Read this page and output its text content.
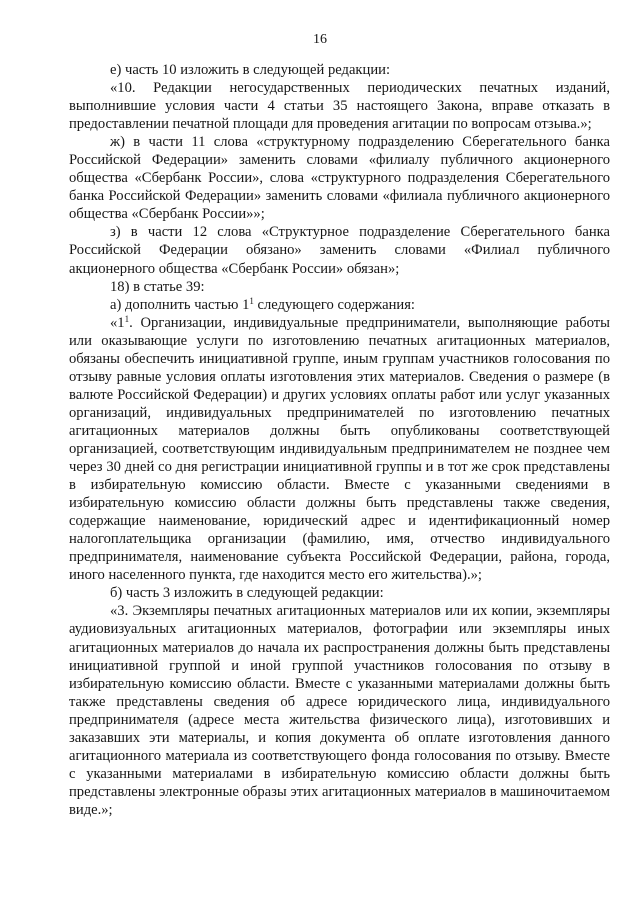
16

е) часть 10 изложить в следующей редакции:

«10. Редакции негосударственных периодических печатных изданий, выполнившие условия части 4 статьи 35 настоящего Закона, вправе отказать в предоставлении печатной площади для проведения агитации по вопросам отзыва.»;

ж) в части 11 слова «структурному подразделению Сберегательного банка Российской Федерации» заменить словами «филиалу публичного акционерного общества «Сбербанк России», слова «структурного подразделения Сберегательного банка Российской Федерации» заменить словами «филиала публичного акционерного общества «Сбербанк России»»;

з) в части 12 слова «Структурное подразделение Сберегательного банка Российской Федерации обязано» заменить словами «Филиал публичного акционерного общества «Сбербанк России» обязан»;

18) в статье 39:

а) дополнить частью $1^1$ следующего содержания:

«$1^1$. Организации, индивидуальные предприниматели, выполняющие работы или оказывающие услуги по изготовлению печатных агитационных материалов, обязаны обеспечить инициативной группе, иным группам участников голосования по отзыву равные условия оплаты изготовления этих материалов. Сведения о размере (в валюте Российской Федерации) и других условиях оплаты работ или услуг указанных организаций, индивидуальных предпринимателей по изготовлению печатных агитационных материалов должны быть опубликованы соответствующей организацией, соответствующим индивидуальным предпринимателем не позднее чем через 30 дней со дня регистрации инициативной группы и в тот же срок представлены в избирательную комиссию области. Вместе с указанными сведениями в избирательную комиссию области должны быть представлены также сведения, содержащие наименование, юридический адрес и идентификационный номер налогоплательщика организации (фамилию, имя, отчество индивидуального предпринимателя, наименование субъекта Российской Федерации, района, города, иного населенного пункта, где находится место его жительства).»;

б) часть 3 изложить в следующей редакции:

«3. Экземпляры печатных агитационных материалов или их копии, экземпляры аудиовизуальных агитационных материалов, фотографии или экземпляры иных агитационных материалов до начала их распространения должны быть представлены инициативной группой и иной группой участников голосования по отзыву в избирательную комиссию области. Вместе с указанными материалами должны быть также представлены сведения об адресе юридического лица, индивидуального предпринимателя (адресе места жительства физического лица), изготовивших и заказавших эти материалы, и копия документа об оплате изготовления данного агитационного материала из соответствующего фонда голосования по отзыву. Вместе с указанными материалами в избирательную комиссию области должны быть представлены электронные образы этих агитационных материалов в машиночитаемом виде.»;
